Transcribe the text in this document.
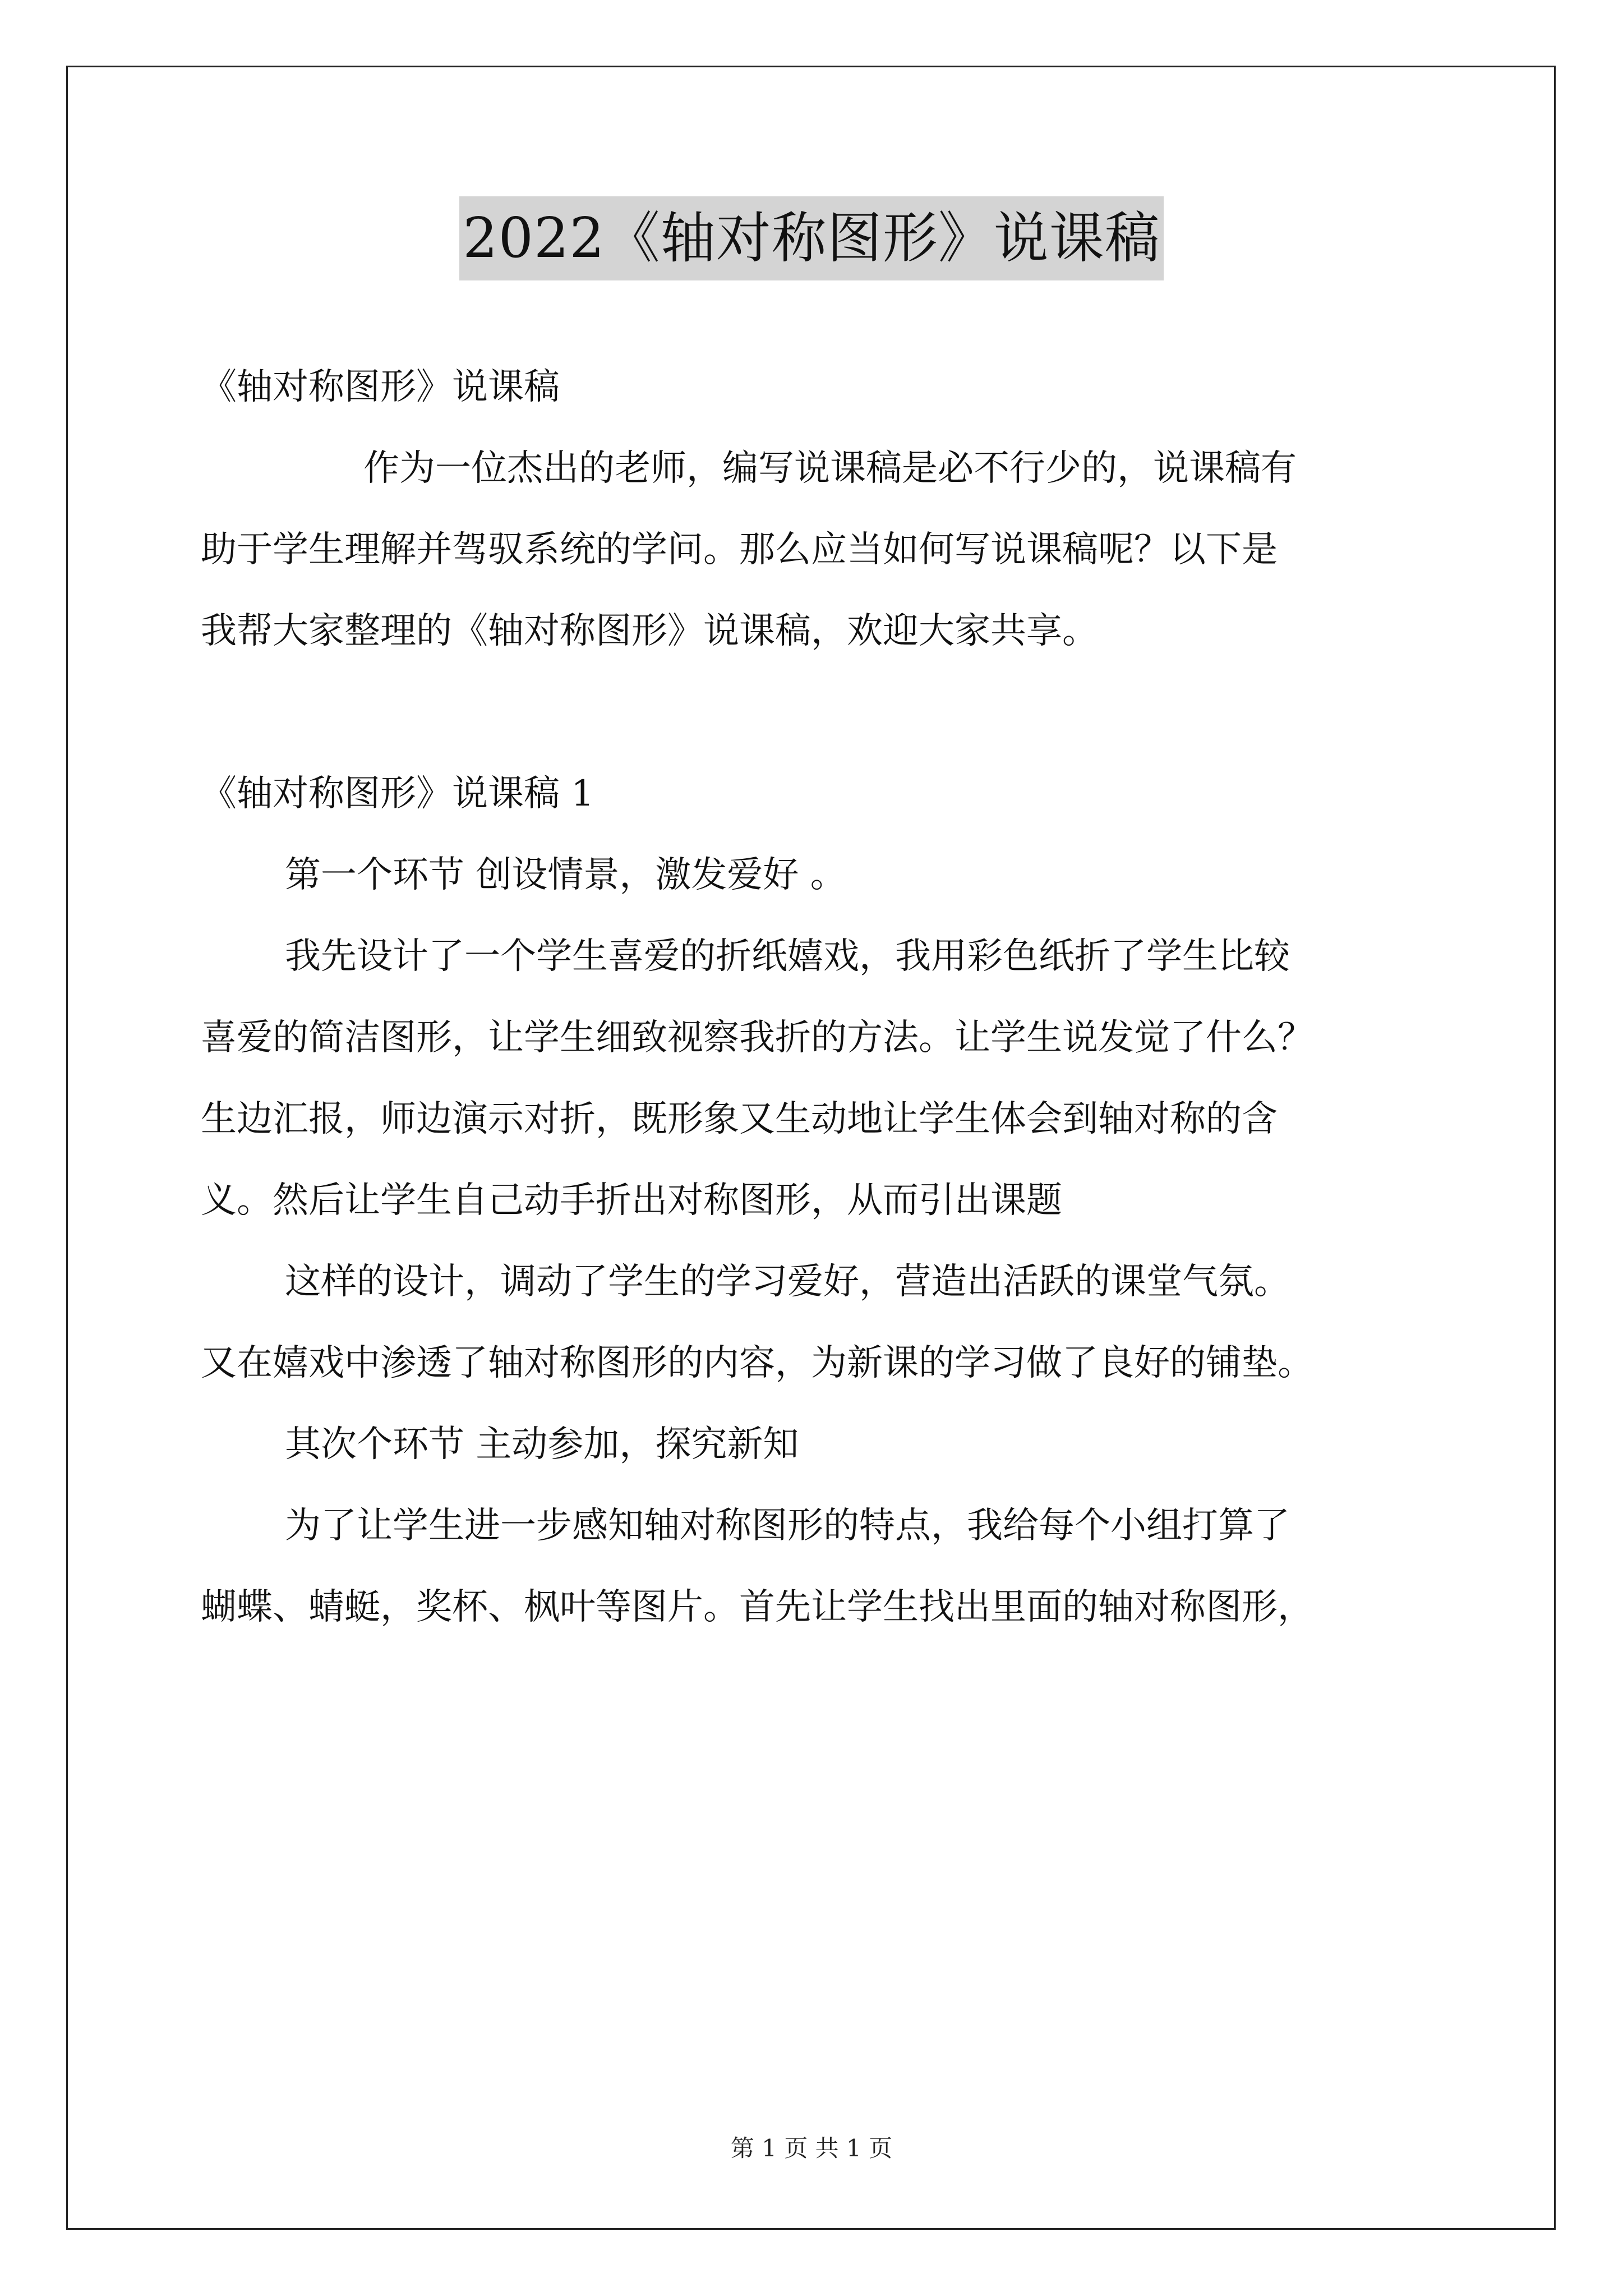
2022《轴对称图形》说课稿

《轴对称图形》说课稿

作为一位杰出的老师，编写说课稿是必不行少的，说课稿有

助于学生理解并驾驭系统的学问。那么应当如何写说课稿呢？以下是

我帮大家整理的《轴对称图形》说课稿，欢迎大家共享。

《轴对称图形》说课稿 1

第一个环节 创设情景，激发爱好 。

我先设计了一个学生喜爱的折纸嬉戏，我用彩色纸折了学生比较

喜爱的简洁图形，让学生细致视察我折的方法。让学生说发觉了什么？

生边汇报，师边演示对折，既形象又生动地让学生体会到轴对称的含

义。然后让学生自己动手折出对称图形，从而引出课题

这样的设计，调动了学生的学习爱好，营造出活跃的课堂气氛。

又在嬉戏中渗透了轴对称图形的内容，为新课的学习做了良好的铺垫。

其次个环节 主动参加，探究新知

为了让学生进一步感知轴对称图形的特点，我给每个小组打算了

蝴蝶、蜻蜓，奖杯、枫叶等图片。首先让学生找出里面的轴对称图形，

第 1 页 共 1 页
